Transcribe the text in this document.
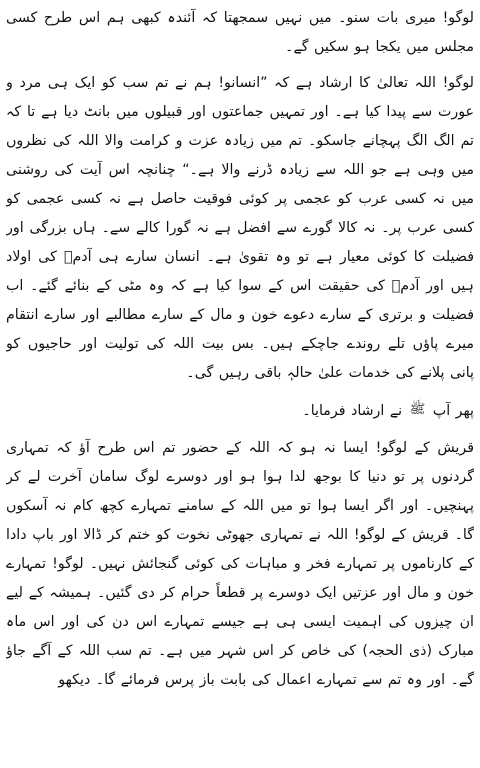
لوگو! میری بات سنو۔ میں نہیں سمجھتا کہ آئندہ کبھی ہم اس طرح کسی مجلس میں یکجا ہو سکیں گے۔

لوگو! اللہ تعالیٰ کا ارشاد ہے کہ ”انسانو! ہم نے تم سب کو ایک ہی مرد و عورت سے پیدا کیا ہے۔ اور تمہیں جماعتوں اور قبیلوں میں بانٹ دیا ہے تا کہ تم الگ الگ پہچانے جاسکو۔ تم میں زیادہ عزت و کرامت والا اللہ کی نظروں میں وہی ہے جو اللہ سے زیادہ ڈرنے والا ہے۔“ چنانچہ اس آیت کی روشنی میں نہ کسی عرب کو عجمی پر کوئی فوقیت حاصل ہے نہ کسی عجمی کو کسی عرب پر۔ نہ کالا گورے سے افضل ہے نہ گورا کالے سے۔ ہاں بزرگی اور فضیلت کا کوئی معیار ہے تو وہ تقویٰ ہے۔ انسان سارے ہی آدمؑ کی اولاد ہیں اور آدمؑ کی حقیقت اس کے سوا کیا ہے کہ وہ مٹی کے بنائے گئے۔ اب فضیلت و برتری کے سارے دعوے خون و مال کے سارے مطالبے اور سارے انتقام میرے پاؤں تلے روندے جاچکے ہیں۔ بس بیت اللہ کی تولیت اور حاجیوں کو پانی پلانے کی خدمات علیٰ حالہٖ باقی رہیں گی۔

پھر آپ ﷺ نے ارشاد فرمایا۔

قریش کے لوگو! ایسا نہ ہو کہ اللہ کے حضور تم اس طرح آؤ کہ تمہاری گردنوں پر تو دنیا کا بوجھ لدا ہوا ہو اور دوسرے لوگ سامان آخرت لے کر پہنچیں۔ اور اگر ایسا ہوا تو میں اللہ کے سامنے تمہارے کچھ کام نہ آسکوں گا۔ قریش کے لوگو! اللہ نے تمہاری جھوٹی نخوت کو ختم کر ڈالا اور باپ دادا کے کارناموں پر تمہارے فخر و مباہات کی کوئی گنجائش نہیں۔ لوگو! تمہارے خون و مال اور عزتیں ایک دوسرے پر قطعاً حرام کر دی گئیں۔ ہمیشہ کے لیے ان چیزوں کی اہمیت ایسی ہی ہے جیسے تمہارے اس دن کی اور اس ماہ مبارک (ذی الحجہ) کی خاص کر اس شہر میں ہے۔ تم سب اللہ کے آگے جاؤ گے۔ اور وہ تم سے تمہارے اعمال کی بابت باز پرس فرمائے گا۔ دیکھو
